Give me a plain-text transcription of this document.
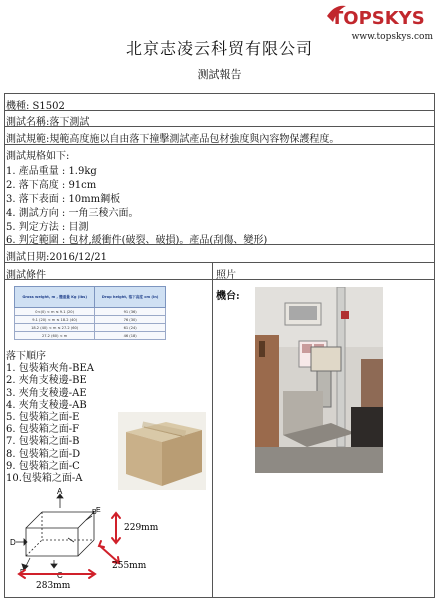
北京志凌云科贸有限公司
测試報告
TOPSKYS
www.topskys.com
機種: S1502
測試名稱:落下測試
測試規範:規範高度施以自由落下撞擊測試產品包材強度與內容物保護程度。
測試規格如下:
1. 產品重量 : 1.9kg
2. 落下高度 : 91cm
3. 落下表面 : 10mm鋼板
4. 測試方向 : 一角三稜六面。
5. 判定方法 : 目測
6. 判定範圍 : 包材,緩衝件(破裂、破損)。產品(刮傷、變形)
測試日期:2016/12/21
測試條件	照片
機台:
Gross weight, m , 體重量 Kg (lbs)	Drop height, 落下高度 cm (in)
0<(0) < m ≤ 9.1 (20)	91 (36)
9.1 (20) < m ≤ 18.2 (40)	76 (30)
18.2 (40) < m ≤ 27.2 (60)	61 (24)
27.2 (60) < m	46 (18)
落下順序
1. 包裝箱夾角-BEA
2. 夾角支稜邊-BE
3. 夾角支稜邊-AE
4. 夾角支稜邊-AB
5. 包裝箱之面-E
6. 包裝箱之面-F
7. 包裝箱之面-B
8. 包裝箱之面-D
9. 包裝箱之面-C
10.包裝箱之面-A
A
B
C
D
E
F
229mm
255mm
283mm
